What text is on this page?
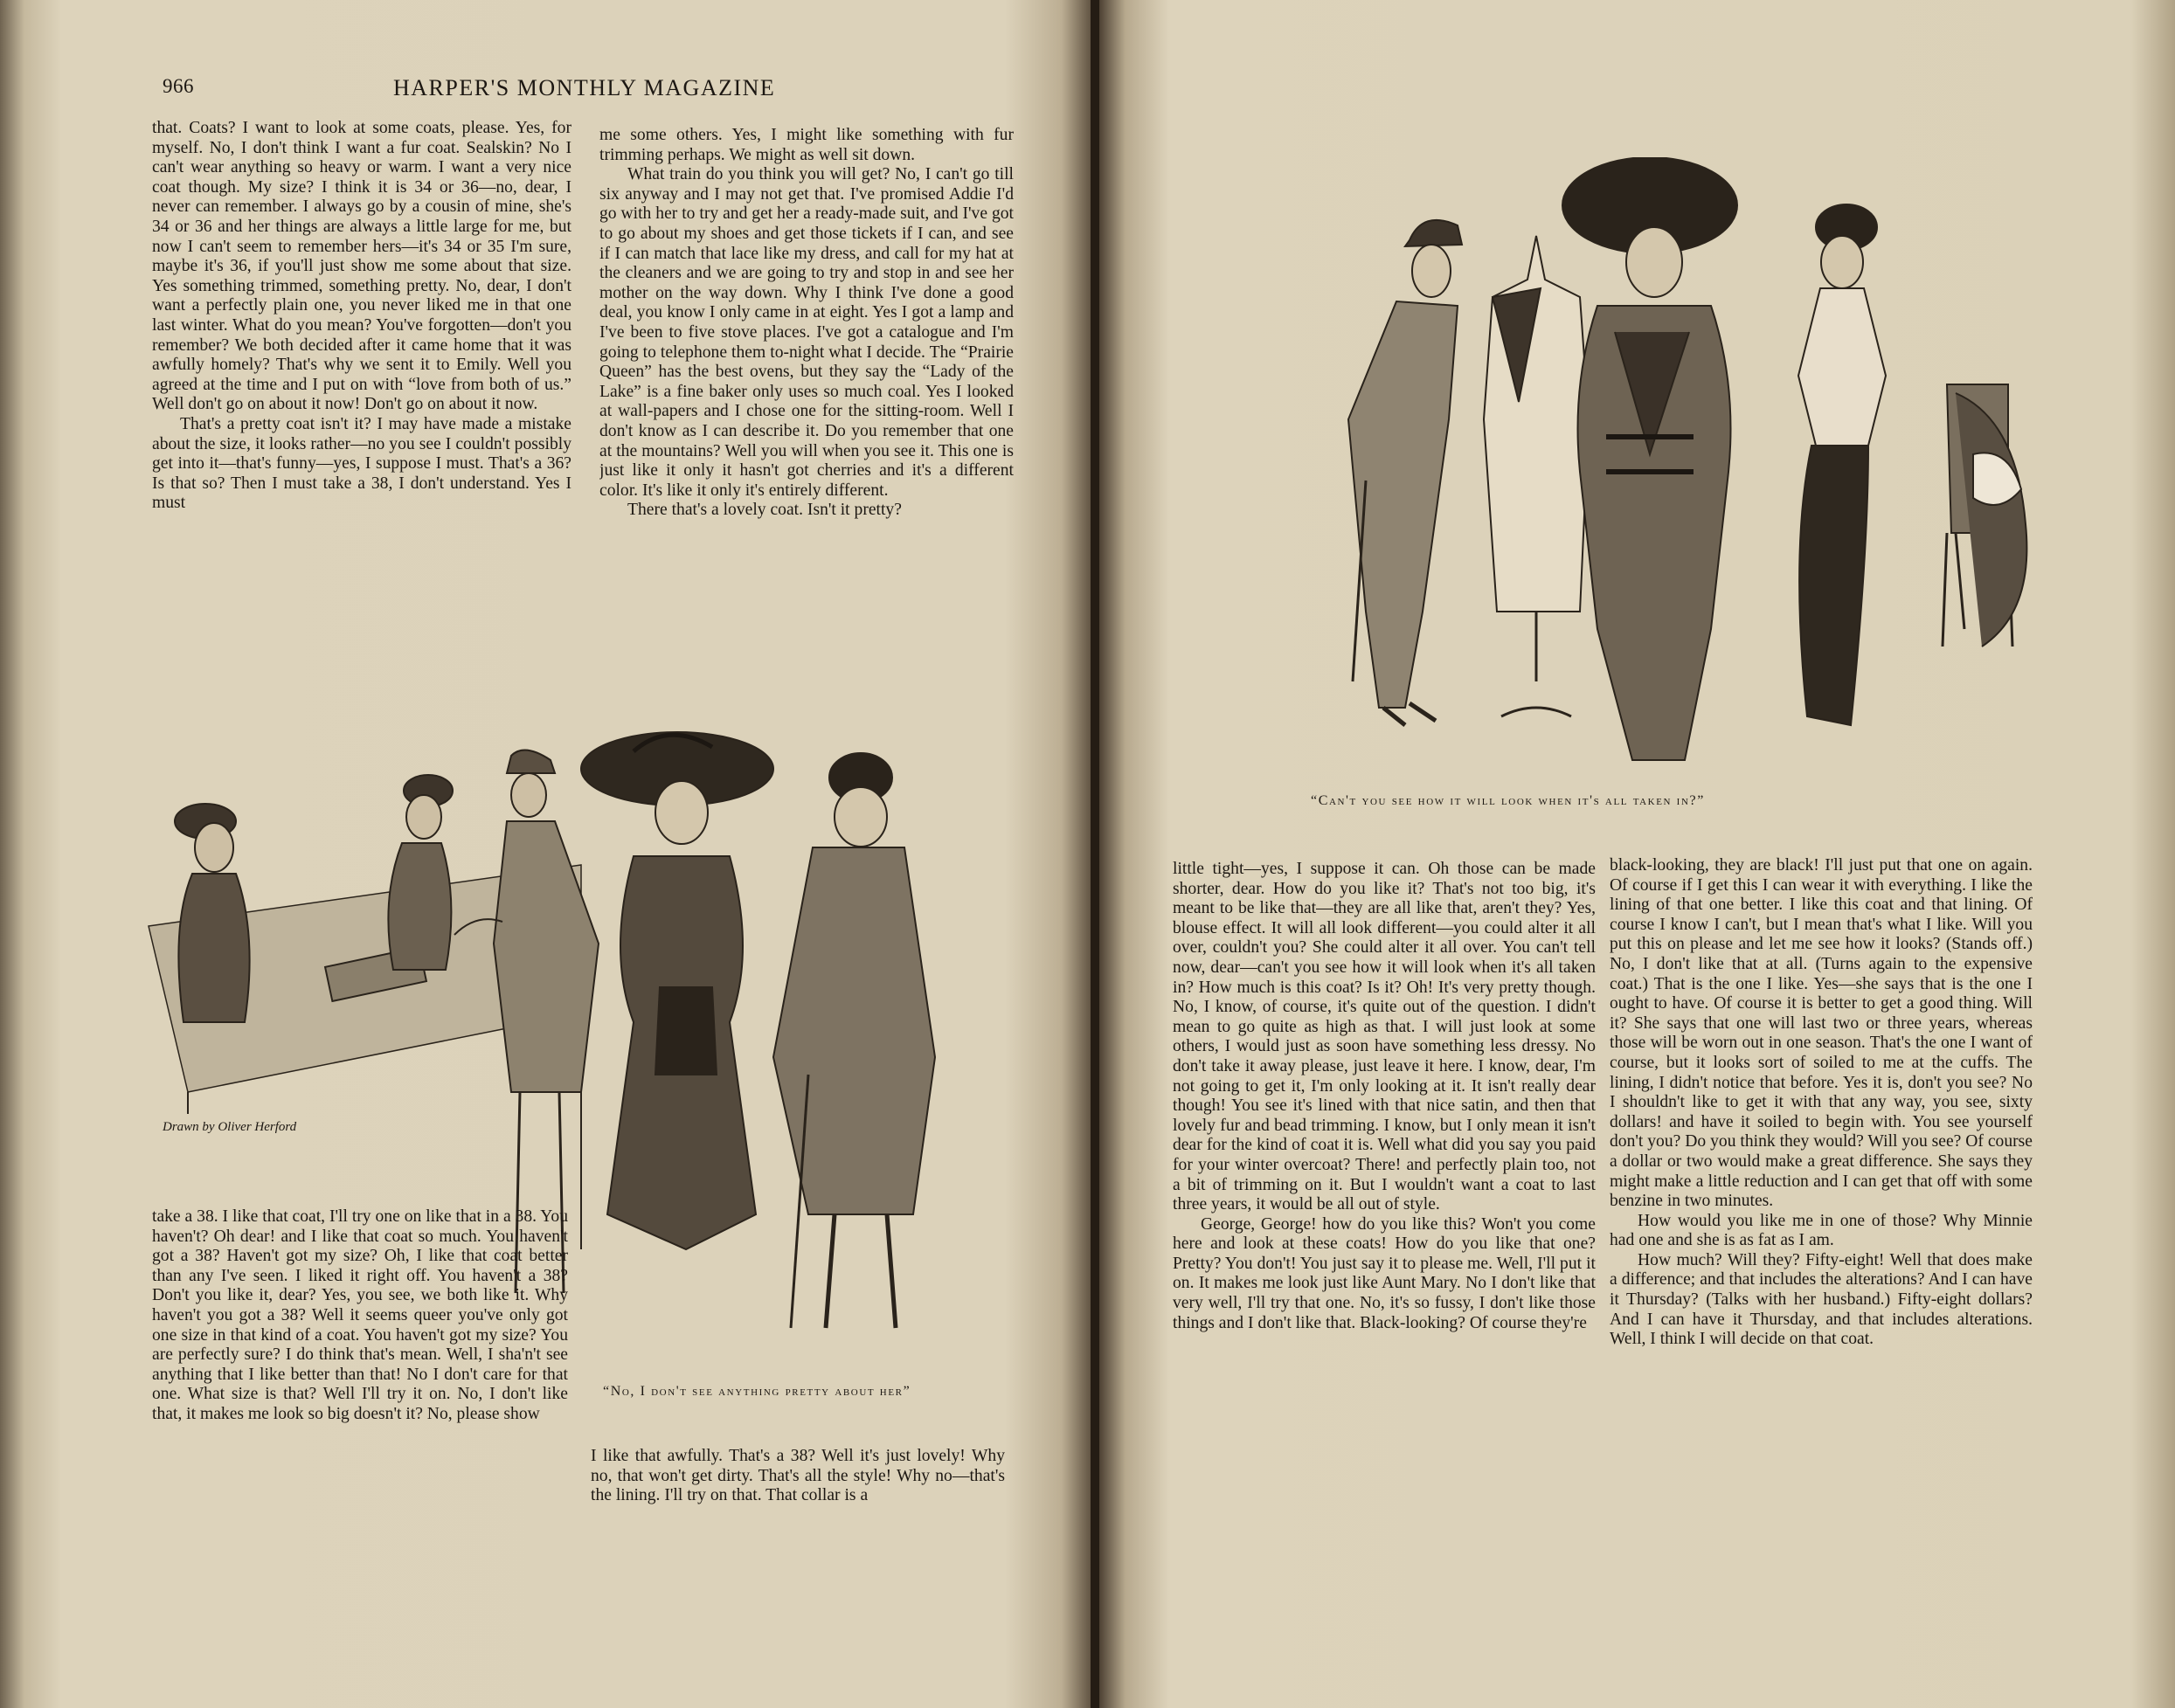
966	HARPER'S MONTHLY MAGAZINE

that. Coats? I want to look at some coats, please. Yes, for myself. No, I don't think I want a fur coat. Sealskin? No I can't wear anything so heavy or warm. I want a very nice coat though. My size? I think it is 34 or 36—no, dear, I never can remember. I always go by a cousin of mine, she's 34 or 36 and her things are always a little large for me, but now I can't seem to remember hers—it's 34 or 35 I'm sure, maybe it's 36, if you'll just show me some about that size. Yes something trimmed, something pretty. No, dear, I don't want a perfectly plain one, you never liked me in that one last winter. What do you mean? You've forgotten—don't you remember? We both decided after it came home that it was awfully homely? That's why we sent it to Emily. Well you agreed at the time and I put on with “love from both of us.” Well don't go on about it now! Don't go on about it now.

That's a pretty coat isn't it? I may have made a mistake about the size, it looks rather—no you see I couldn't possibly get into it—that's funny—yes, I suppose I must. That's a 36? Is that so? Then I must take a 38, I don't understand. Yes I must

me some others. Yes, I might like something with fur trimming perhaps. We might as well sit down.

What train do you think you will get? No, I can't go till six anyway and I may not get that. I've promised Addie I'd go with her to try and get her a ready-made suit, and I've got to go about my shoes and get those tickets if I can, and see if I can match that lace like my dress, and call for my hat at the cleaners and we are going to try and stop in and see her mother on the way down. Why I think I've done a good deal, you know I only came in at eight. Yes I got a lamp and I've been to five stove places. I've got a catalogue and I'm going to telephone them to-night what I decide. The “Prairie Queen” has the best ovens, but they say the “Lady of the Lake” is a fine baker only uses so much coal. Yes I looked at wall-papers and I chose one for the sitting-room. Well I don't know as I can describe it. Do you remember that one at the mountains? Well you will when you see it. This one is just like it only it hasn't got cherries and it's a different color. It's like it only it's entirely different.

There that's a lovely coat. Isn't it pretty?

Drawn by Oliver Herford
“No, I don't see anything pretty about her”

take a 38. I like that coat, I'll try one on like that in a 38. You haven't? Oh dear! and I like that coat so much. You haven't got a 38? Haven't got my size? Oh, I like that coat better than any I've seen. I liked it right off. You haven't a 38? Don't you like it, dear? Yes, you see, we both like it. Why haven't you got a 38? Well it seems queer you've only got one size in that kind of a coat. You haven't got my size? You are perfectly sure? I do think that's mean. Well, I sha'n't see anything that I like better than that! No I don't care for that one. What size is that? Well I'll try it on. No, I don't like that, it makes me look so big doesn't it? No, please show

I like that awfully. That's a 38? Well it's just lovely! Why no, that won't get dirty. That's all the style! Why no—that's the lining. I'll try on that. That collar is a

“Can't you see how it will look when it's all taken in?”

little tight—yes, I suppose it can. Oh those can be made shorter, dear. How do you like it? That's not too big, it's meant to be like that—they are all like that, aren't they? Yes, blouse effect. It will all look different—you could alter it all over, couldn't you? She could alter it all over. You can't tell now, dear—can't you see how it will look when it's all taken in? How much is this coat? Is it? Oh! It's very pretty though. No, I know, of course, it's quite out of the question. I didn't mean to go quite as high as that. I will just look at some others, I would just as soon have something less dressy. No don't take it away please, just leave it here. I know, dear, I'm not going to get it, I'm only looking at it. It isn't really dear though! You see it's lined with that nice satin, and then that lovely fur and bead trimming. I know, but I only mean it isn't dear for the kind of coat it is. Well what did you say you paid for your winter overcoat? There! and perfectly plain too, not a bit of trimming on it. But I wouldn't want a coat to last three years, it would be all out of style.

George, George! how do you like this? Won't you come here and look at these coats! How do you like that one? Pretty? You don't! You just say it to please me. Well, I'll put it on. It makes me look just like Aunt Mary. No I don't like that very well, I'll try that one. No, it's so fussy, I don't like those things and I don't like that. Black-looking? Of course they're

black-looking, they are black! I'll just put that one on again. Of course if I get this I can wear it with everything. I like the lining of that one better. I like this coat and that lining. Of course I know I can't, but I mean that's what I like. Will you put this on please and let me see how it looks? (Stands off.) No, I don't like that at all. (Turns again to the expensive coat.) That is the one I like. Yes—she says that is the one I ought to have. Of course it is better to get a good thing. Will it? She says that one will last two or three years, whereas those will be worn out in one season. That's the one I want of course, but it looks sort of soiled to me at the cuffs. The lining, I didn't notice that before. Yes it is, don't you see? No I shouldn't like to get it with that any way, you see, sixty dollars! and have it soiled to begin with. You see yourself don't you? Do you think they would? Will you see? Of course a dollar or two would make a great difference. She says they might make a little reduction and I can get that off with some benzine in two minutes.

How would you like me in one of those? Why Minnie had one and she is as fat as I am.

How much? Will they? Fifty-eight! Well that does make a difference; and that includes the alterations? And I can have it Thursday? (Talks with her husband.) Fifty-eight dollars? And I can have it Thursday, and that includes alterations. Well, I think I will decide on that coat.
